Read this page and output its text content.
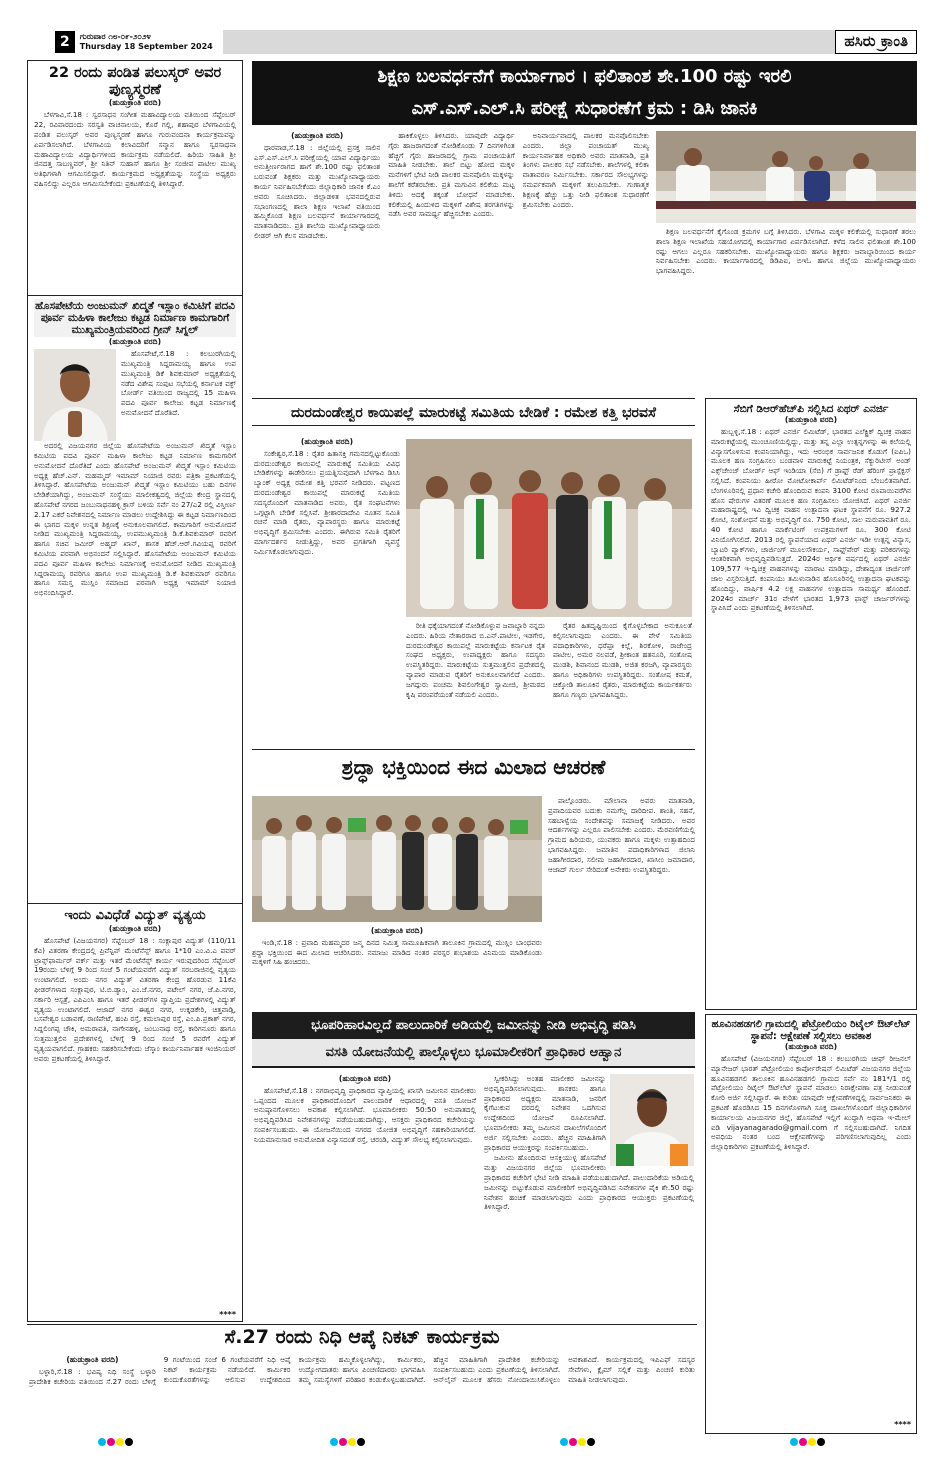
2	ಗುರುವಾರ ೧೮-೦೯-೨೦೨೪
Thursday 18 September 2024	ಹಸಿರು ಕ್ರಾಂತಿ
22 ರಂದು ಪಂಡಿತ ಪಲುಸ್ಕರ್ ಅವರ ಪುಣ್ಯಸ್ಮರಣೆ
(ಹುಡುಕ್ರಾಂತಿ ವರದಿ)

ಬೆಳಗಾವಿ,ಸೆ.18 : ಸ್ವರಸಾಧನ ಸಂಗೀತ ಮಹಾವಿದ್ಯಾಲಯ ವತಿಯಿಂದ ಸೆಪ್ಟೆಂಬರ್ 22, ರವಿವಾರದಂದು ಸರಸ್ವತಿ ವಾಚನಾಲಯ, ಕೊರೆ ಗಲ್ಲಿ, ಶಹಾಪುರ ಬೆಳಗಾವಿಯಲ್ಲಿ ಪಂಡಿತ ಪಲುಸ್ಕರ್ ಅವರ ಪುಣ್ಯಸ್ಮರಣೆ ಹಾಗೂ ಗುರುವಂದನಾ ಕಾರ್ಯಕ್ರಮವನ್ನು ಏರ್ಪಡಿಸಲಾಗಿದೆ. ಬೆಳಗಾವಿಯ ಕಲಾವಿದರಿಗೆ ಸನ್ಮಾನ ಹಾಗೂ ಸ್ವರಸಾಧನಾ ಮಹಾವಿದ್ಯಾಲಯ ವಿದ್ಯಾರ್ಥಿಗಳಿಂದ ಕಾರ್ಯಕ್ರಮ ನಡೆಯಲಿದೆ. ಹಿರಿಯ ಸಾಹಿತಿ ಶ್ರೀ ಜಿನದತ್ತ ಸಾಬಣ್ಣವರ್, ಶ್ರೀ ನಿತಿನ್ ಸುಹಾಸ್ ಹಾಗೂ ಶ್ರೀ ಸಂಜೀವ ಪಾಟೀಲ ಮುಖ್ಯ ಅತಿಥಿಗಳಾಗಿ ಆಗಮಿಸಲಿದ್ದಾರೆ. ಕಾರ್ಯಕ್ರಮದ ಅಧ್ಯಕ್ಷತೆಯನ್ನು ಸಂಸ್ಥೆಯ ಅಧ್ಯಕ್ಷರು ವಹಿಸಲಿದ್ದು ಎಲ್ಲರೂ ಆಗಮಿಸಬೇಕೆಂದು ಪ್ರಕಟಣೆಯಲ್ಲಿ ತಿಳಿಸಿದ್ದಾರೆ.

ಹೊಸಪೇಟೆಯ ಅಂಜುಮನ್ ಖಿದ್ಮತೆ ಇಸ್ಲಾಂ ಕಮಿಟಿಗೆ ಪದವಿ ಪೂರ್ವ ಮಹಿಳಾ ಕಾಲೇಜು ಕಟ್ಟಡ ನಿರ್ಮಾಣ ಕಾಮಗಾರಿಗೆ ಮುಖ್ಯಮಂತ್ರಿಯವರಿಂದ ಗ್ರೀನ್ ಸಿಗ್ನಲ್
(ಹುಡುಕ್ರಾಂತಿ ವರದಿ)

ಹೊಸಪೇಟೆ,ಸೆ.18 : ಕಲಬುರಗಿಯಲ್ಲಿ ಮುಖ್ಯಮಂತ್ರಿ ಸಿದ್ದರಾಮಯ್ಯ ಹಾಗೂ ಉಪ ಮುಖ್ಯಮಂತ್ರಿ ಡಿಕೆ ಶಿವಕುಮಾರ್ ಅಧ್ಯಕ್ಷತೆಯಲ್ಲಿ ನಡೆದ ವಿಶೇಷ ಸಂಪುಟ ಸಭೆಯಲ್ಲಿ ಕರ್ನಾಟಕ ವಕ್ಫ್ ಬೋರ್ಡ್ ವತಿಯಿಂದ ರಾಜ್ಯದಲ್ಲಿ 15 ಮಹಿಳಾ ಪದವಿ ಪೂರ್ವ ಕಾಲೇಜು ಕಟ್ಟಡ ನಿರ್ಮಾಣಕ್ಕೆ ಅನುಮೋದನೆ ದೊರೆತಿದೆ.

ಅದರಲ್ಲಿ ವಿಜಯನಗರ ಜಿಲ್ಲೆಯ ಹೊಸಪೇಟೆಯ ಅಂಜುಮನ್ ಖಿದ್ಮತೆ ಇಸ್ಲಾಂ ಕಮಿಟಿಯ ಪದವಿ ಪೂರ್ವ ಮಹಿಳಾ ಕಾಲೇಜು ಕಟ್ಟಡ ನಿರ್ಮಾಣ ಕಾಮಗಾರಿಗೆ ಅನುಮೋದನೆ ದೊರೆತಿದೆ ಎಂದು ಹೊಸಪೇಟೆ ಅಂಜುಮನ್ ಖಿದ್ಮತೆ ಇಸ್ಲಾಂ ಕಮಿಟಿಯ ಅಧ್ಯಕ್ಷ ಹೆಚ್.ಎನ್. ಮಹಮ್ಮದ್ ಇಮಾಮ್ ನಿಯಾಜಿ ರವರು ಪತ್ರಿಕಾ ಪ್ರಕಟಣೆಯಲ್ಲಿ ತಿಳಿಸಿದ್ದಾರೆ. ಹೊಸಪೇಟೆಯ ಅಂಜುಮನ್ ಖಿದ್ಮತೆ ಇಸ್ಲಾಂ ಕಮಿಟಿಯು ಬಹು ದಿನಗಳ ಬೇಡಿಕೆಯಾಗಿದ್ದು, ಅಂಜುಮನ್ ಸಂಸ್ಥೆಯು ಮಾಲೀಕತ್ವದಲ್ಲಿ ಜಿಲ್ಲೆಯ ಕೇಂದ್ರ ಸ್ಥಾನದಲ್ಲಿ ಹೊಸಪೇಟೆ ನಗರದ ಜಂಬುನಾಥನಹಳ್ಳಿ ಕ್ರಾಸ್ ಬಳಿಯ ಸರ್ವೆ ನಂ 27/ಎ2 ರಲ್ಲಿ ವಿಸ್ತೀರ್ಣ 2.17 ಎಕರೆ ನಿವೇಶನದಲ್ಲಿ ನಿರ್ಮಾಣ ಮಾಡಲು ಉದ್ದೇಶಿಸಿದ್ದು ಈ ಕಟ್ಟಡ ನಿರ್ಮಾಣದಿಂದ ಈ ಭಾಗದ ಮಕ್ಕಳ ಉನ್ನತ ಶಿಕ್ಷಣಕ್ಕೆ ಅನುಕೂಲವಾಗಲಿದೆ. ಕಾಮಗಾರಿಗೆ ಅನುಮೋದನೆ ನೀಡಿದ ಮುಖ್ಯಮಂತ್ರಿ ಸಿದ್ದರಾಮಯ್ಯ, ಉಪಮುಖ್ಯಮಂತ್ರಿ ಡಿ.ಕೆ.ಶಿವಕುಮಾರ್ ರವರಿಗೆ ಹಾಗೂ ಸಚಿವ ಜಮೀರ್ ಅಹ್ಮದ್ ಖಾನ್, ಶಾಸಕ ಹೆಚ್.ಆರ್.ಗವಿಯಪ್ಪ ರವರಿಗೆ ಕಮಿಟಿಯ ಪರವಾಗಿ ಅಭಿನಂದನೆ ಸಲ್ಲಿಸಿದ್ದಾರೆ. ಹೊಸಪೇಟೆಯ ಅಂಜುಮನ್ ಕಮಿಟಿಯ ಪದವಿ ಪೂರ್ವ ಮಹಿಳಾ ಕಾಲೇಜು ನಿರ್ಮಾಣಕ್ಕೆ ಅನುಮೋದನೆ ನೀಡಿದ ಮುಖ್ಯಮಂತ್ರಿ ಸಿದ್ದರಾಮಯ್ಯ ರವರಿಗೂ ಹಾಗೂ ಉಪ ಮುಖ್ಯಮಂತ್ರಿ ಡಿ.ಕೆ ಶಿವಕುಮಾರ್ ರವರಿಗೂ ಹಾಗೂ ಸಮಸ್ತ ಮುಸ್ಲಿಂ ಸಮಾಜದ ಪರವಾಗಿ ಅಧ್ಯಕ್ಷ ಇಮಾಮ್ ನಿಯಾಜಿ ಅಭಿನಂದಿಸಿದ್ದಾರೆ.

ಇಂದು ವಿವಿಧೆಡೆ ವಿದ್ಯುತ್ ವ್ಯತ್ಯಯ
(ಹುಡುಕ್ರಾಂತಿ ವರದಿ)

ಹೊಸಪೇಟೆ (ವಿಜಯನಗರ) ಸೆಪ್ಟೆಂಬರ್ 18 : ಸಂಕ್ಲಾಪುರ ವಿದ್ಯುತ್ (110/11 ಕೆವಿ) ವಿತರಣಾ ಕೇಂದ್ರದಲ್ಲಿ ಪ್ರಿವೆನ್ಟಿವ್ ಮೆಂಟೆನೆನ್ಸ್ ಹಾಗೂ 1*10 ಎಂ.ವಿ.ಎ ಪವರ್ ಟ್ರಾನ್ಸ್‌ಫಾರ್ಮರ್ ವರ್ಕ್ ಮತ್ತು ಇತರೆ ಮೆಂಟೆನೆನ್ಸ್ ಕಾರ್ಯ ಇರುವುದರಿಂದ ಸೆಪ್ಟೆಂಬರ್ 19ರಂದು ಬೆಳಿಗ್ಗೆ 9 ರಿಂದ ಸಂಜೆ 5 ಗಂಟೆಯವರೆಗೆ ವಿದ್ಯುತ್ ಸರಬರಾಜಿನಲ್ಲಿ ವ್ಯತ್ಯಯ ಉಂಟಾಗಲಿದೆ. ಅಂದು ನಗರ ವಿದ್ಯುತ್ ವಿತರಣಾ ಕೇಂದ್ರ ಹೊರಡುವ 11ಕೆವಿ ಫೀಡರ್‌ಗಳಾದ ಸಂಕ್ಲಾಪುರ, ಟಿ.ಬಿ.ಡ್ಯಾಂ, ಎಂ.ಜೆ.ನಗರ, ಪಟೇಲ್ ನಗರ, ಜೆ.ಪಿ.ನಗರ, ಸರ್ಕಾರಿ ಆಸ್ಪತ್ರೆ, ಎಪಿಎಂಸಿ ಹಾಗೂ ಇತರೆ ಫೀಡರ್‌ಗಳ ವ್ಯಾಪ್ತಿಯ ಪ್ರದೇಶಗಳಲ್ಲಿ ವಿದ್ಯುತ್ ವ್ಯತ್ಯಯ ಉಂಟಾಗಲಿದೆ. ಆಜಾದ್ ನಗರ ಈಶ್ವರ ನಗರ, ಉಕ್ಕಡಕೇರಿ, ಚಿತ್ತವಾಡ್ಗಿ, ಬಸವೇಶ್ವರ ಬಡಾವಣೆ, ರಾಣಿಪೇಟೆ, ಹಂಪಿ ರಸ್ತೆ, ಕಮಲಾಪುರ ರಸ್ತೆ, ಎಂ.ಪಿ.ಪ್ರಕಾಶ್ ನಗರ, ಸಿದ್ದಲಿಂಗಪ್ಪ ಚೌಕಿ, ಅಮರಾವತಿ, ನಾಗೇನಹಳ್ಳಿ, ಜಂಬುನಾಥ ರಸ್ತೆ, ಕಾರಿಗನೂರು ಹಾಗೂ ಸುತ್ತಮುತ್ತಲಿನ ಪ್ರದೇಶಗಳಲ್ಲಿ ಬೆಳಿಗ್ಗೆ 9 ರಿಂದ ಸಂಜೆ 5 ರವರೆಗೆ ವಿದ್ಯುತ್ ವ್ಯತ್ಯಯವಾಗಲಿದೆ. ಗ್ರಾಹಕರು ಸಹಕರಿಸಬೇಕೆಂದು ಜೆಸ್ಕಾಂ ಕಾರ್ಯನಿರ್ವಾಹಕ ಇಂಜಿನಿಯರ್ ಅವರು ಪ್ರಕಟಣೆಯಲ್ಲಿ ತಿಳಿಸಿದ್ದಾರೆ.

****
ಶಿಕ್ಷಣ ಬಲವರ್ಧನೆಗೆ ಕಾರ್ಯಾಗಾರ । ಫಲಿತಾಂಶ ಶೇ.100 ರಷ್ಟು ಇರಲಿ
ಎಸ್.ಎಸ್.ಎಲ್.ಸಿ ಪರೀಕ್ಷೆ ಸುಧಾರಣೆಗೆ ಕ್ರಮ : ಡಿಸಿ ಜಾನಕಿ
(ಹುಡುಕ್ರಾಂತಿ ವರದಿ)

ಧಾರವಾಡ,ಸೆ.18 : ಜಿಲ್ಲೆಯಲ್ಲಿ ಪ್ರಸಕ್ತ ಸಾಲಿನ ಎಸ್.ಎಸ್.ಎಲ್.ಸಿ ಪರೀಕ್ಷೆಯಲ್ಲಿ ಯಾವ ವಿದ್ಯಾರ್ಥಿಯು ಅನುತ್ತೀರ್ಣರಾಗದ ಹಾಗೆ ಶೇ.100 ರಷ್ಟು ಫಲಿತಾಂಶ ಬರುವಂತೆ ಶಿಕ್ಷಕರು ಮತ್ತು ಮುಖ್ಯೋಪಾಧ್ಯಾಯರು ಕಾರ್ಯ ನಿರ್ವಹಿಸಬೇಕೆಂದು ಜಿಲ್ಲಾಧಿಕಾರಿ ಜಾನಕಿ ಕೆ.ಎಂ ಅವರು ಸೂಚಿಸಿದರು. ಜಿಲ್ಲಾಡಳಿತ ಭವನದಲ್ಲಿರುವ ಸಭಾಂಗಣದಲ್ಲಿ ಶಾಲಾ ಶಿಕ್ಷಣ ಇಲಾಖೆ ವತಿಯಿಂದ ಹಮ್ಮಿಕೊಂಡ ಶಿಕ್ಷಣ ಬಲವರ್ಧನೆ ಕಾರ್ಯಾಗಾರದಲ್ಲಿ ಮಾತನಾಡಿದರು. ಪ್ರತಿ ಶಾಲೆಯ ಮುಖ್ಯೋಪಾಧ್ಯಾಯರು ಲೀಡರ್ ಆಗಿ ಕೆಲಸ ಮಾಡಬೇಕು.

ಹಾಕಿಕೊಳ್ಳಲು ತಿಳಿಸಿದರು. ಯಾವುದೇ ವಿದ್ಯಾರ್ಥಿ ಗೈರು ಹಾಜರಾಗದಂತೆ ನೋಡಿಕೊಂಡು 7 ದಿನಗಳಿಗಿಂತ ಹೆಚ್ಚಿಗೆ ಗೈರು ಹಾಜರಾದಲ್ಲಿ ಗ್ರಾಮ ಪಂಚಾಯತಿಗೆ ಮಾಹಿತಿ ನೀಡಬೇಕು. ಶಾಲೆ ಬಿಟ್ಟು ಹೋದ ಮಕ್ಕಳ ಮನೆಗಳಿಗೆ ಭೇಟಿ ನೀಡಿ ಪಾಲಕರ ಮನವೊಲಿಸಿ ಮಕ್ಕಳನ್ನು ಶಾಲೆಗೆ ಕರೆತರಬೇಕು. ಪ್ರತಿ ಮಗುವಿನ ಕಲಿಕೆಯ ಮಟ್ಟ ತಿಳಿದು ಅದಕ್ಕೆ ತಕ್ಕಂತೆ ಬೋಧನೆ ಮಾಡಬೇಕು. ಕಲಿಕೆಯಲ್ಲಿ ಹಿಂದುಳಿದ ಮಕ್ಕಳಿಗೆ ವಿಶೇಷ ತರಗತಿಗಳನ್ನು ನಡೆಸಿ ಅವರ ಸಾಮರ್ಥ್ಯ ಹೆಚ್ಚಿಸಬೇಕು ಎಂದರು.

ಅನಿವಾರ್ಯವಾದಲ್ಲಿ ಪಾಲಕರ ಮನವೊಲಿಸಬೇಕು ಎಂದರು. ಜಿಲ್ಲಾ ಪಂಚಾಯತ್ ಮುಖ್ಯ ಕಾರ್ಯನಿರ್ವಾಹಕ ಅಧಿಕಾರಿ ಅವರು ಮಾತನಾಡಿ, ಪ್ರತಿ ತಿಂಗಳು ಪಾಲಕರ ಸಭೆ ನಡೆಸಬೇಕು. ಶಾಲೆಗಳಲ್ಲಿ ಕಲಿಕಾ ವಾತಾವರಣ ನಿರ್ಮಿಸಬೇಕು. ಸರ್ಕಾರದ ಸೌಲಭ್ಯಗಳನ್ನು ಸಮರ್ಪಕವಾಗಿ ಮಕ್ಕಳಿಗೆ ತಲುಪಿಸಬೇಕು. ಗುಣಾತ್ಮಕ ಶಿಕ್ಷಣಕ್ಕೆ ಹೆಚ್ಚು ಒತ್ತು ನೀಡಿ ಫಲಿತಾಂಶ ಸುಧಾರಣೆಗೆ ಶ್ರಮಿಸಬೇಕು ಎಂದರು.

ಶಿಕ್ಷಣ ಬಲವರ್ಧನೆಗೆ ಕೈಗೊಂಡ ಕ್ರಮಗಳ ಬಗ್ಗೆ ತಿಳಿಸಿದರು. ಬೆಳಗಾವಿ ಮಕ್ಕಳ ಕಲಿಕೆಯಲ್ಲಿ ಸುಧಾರಣೆ ತರಲು ಶಾಲಾ ಶಿಕ್ಷಣ ಇಲಾಖೆಯ ಸಹಯೋಗದಲ್ಲಿ ಕಾರ್ಯಾಗಾರ ಏರ್ಪಡಿಸಲಾಗಿದೆ. ಕಳೆದ ಸಾಲಿನ ಫಲಿತಾಂಶ ಶೇ.100 ರಷ್ಟು ಆಗಲು ಎಲ್ಲರೂ ಸಹಕರಿಸಬೇಕು. ಮುಖ್ಯೋಪಾಧ್ಯಾಯರು ಹಾಗೂ ಶಿಕ್ಷಕರು ಜವಾಬ್ದಾರಿಯಿಂದ ಕಾರ್ಯ ನಿರ್ವಹಿಸಬೇಕು ಎಂದರು. ಕಾರ್ಯಾಗಾರದಲ್ಲಿ ಡಿಡಿಪಿಐ, ಬಿಇಓ ಹಾಗೂ ಜಿಲ್ಲೆಯ ಮುಖ್ಯೋಪಾಧ್ಯಾಯರು ಭಾಗವಹಿಸಿದ್ದರು.

ದುರದುಂಡೇಶ್ವರ ಕಾಯಿಪಲ್ಲೆ ಮಾರುಕಟ್ಟೆ ಸಮಿತಿಯ ಬೇಡಿಕೆ : ರಮೇಶ ಕತ್ತಿ ಭರವಸೆ
(ಹುಡುಕ್ರಾಂತಿ ವರದಿ)

ಸಂಕೇಶ್ವರ,ಸೆ.18 : ರೈತರ ಹಿತಾಸಕ್ತಿ ಗಮನದಲ್ಲಿಟ್ಟುಕೊಂಡು ದುರದುಂಡೇಶ್ವರ ಕಾಯಿಪಲ್ಲೆ ಮಾರುಕಟ್ಟೆ ಸಮಿತಿಯ ವಿವಿಧ ಬೇಡಿಕೆಗಳನ್ನು ಈಡೇರಿಸಲು ಪ್ರಯತ್ನಿಸುವುದಾಗಿ ಬೆಳಗಾವಿ ಡಿಸಿಸಿ ಬ್ಯಾಂಕ್ ಅಧ್ಯಕ್ಷ ರಮೇಶ ಕತ್ತಿ ಭರವಸೆ ನೀಡಿದರು. ಪಟ್ಟಣದ ದುರದುಂಡೇಶ್ವರ ಕಾಯಿಪಲ್ಲೆ ಮಾರುಕಟ್ಟೆ ಸಮಿತಿಯ ಸದಸ್ಯರೊಂದಿಗೆ ಮಾತನಾಡಿದ ಅವರು, ರೈತ ಸಂಘಟನೆಗಳು ಒಗ್ಗಟ್ಟಾಗಿ ಬೇಡಿಕೆ ಸಲ್ಲಿಸಿವೆ. ಶ್ರೀಶಾರದಾದೇವಿ ನೂತನ ಸಮಿತಿ ರಚನೆ ಮಾಡಿ ರೈತರು, ವ್ಯಾಪಾರಸ್ಥರು ಹಾಗೂ ಮಾರುಕಟ್ಟೆ ಅಭಿವೃದ್ಧಿಗೆ ಶ್ರಮಿಸಬೇಕು ಎಂದರು. ಈಗಿರುವ ಸಮಿತಿ ರೈತರಿಗೆ ಮಾರ್ಗದರ್ಶನ ನೀಡುತ್ತಿದ್ದು, ಅವರ ಪ್ರಗತಿಗಾಗಿ ವ್ಯವಸ್ಥೆ ನಿರ್ಮಿಸಿಕೊಡಲಾಗುವುದು.

ರೀತಿ ಧಕ್ಕೆಯಾಗದಂತೆ ನೋಡಿಕೊಳ್ಳುವ ಜವಾಬ್ದಾರಿ ನನ್ನದು ಎಂದರು. ಹಿರಿಯ ನೇತಾರರಾದ ಬಿ.ಎನ್.ಪಾಟೀಲ, ಇಡಗೇರ, ದುರದುಂಡೇಶ್ವರ ಕಾಯಿಪಲ್ಲೆ ಮಾರುಕಟ್ಟೆಯ ಕರ್ನಾಟಕ ರೈತ ಸಂಘದ ಅಧ್ಯಕ್ಷರು, ಉಪಾಧ್ಯಕ್ಷರು ಹಾಗೂ ಸದಸ್ಯರು ಉಪಸ್ಥಿತರಿದ್ದರು. ಮಾರುಕಟ್ಟೆಯ ಸುತ್ತಮುತ್ತಲಿನ ಪ್ರದೇಶದಲ್ಲಿ ವ್ಯಾಪಾರ ಮಾಡುವ ರೈತರಿಗೆ ಅನುಕೂಲವಾಗಲಿದೆ ಎಂದರು. ಜಗದ್ಗುರು ಪಂಚಮ ಶಿವಲಿಂಗೇಶ್ವರ ಸ್ವಾಮೀಜಿ, ಶ್ರೀಮಠದ ಕೃಷಿ ಪರಂಪರೆಯಂತೆ ನಡೆಯಲಿ ಎಂದರು.

ರೈತರ ಹಿತದೃಷ್ಟಿಯಿಂದ ಕೈಗೊಳ್ಳಬೇಕಾದ ಅನುಕೂಲತೆ ಕಲ್ಪಿಸಲಾಗುವುದು ಎಂದರು. ಈ ವೇಳೆ ಸಮಿತಿಯ ಪದಾಧಿಕಾರಿಗಳು, ಧರೆಪ್ಪಾ ಕಿಲ್ಲೆ, ಶಿರಕೋಳಿ, ರಾಜೇಂದ್ರ ಪಾಟೀಲ, ಅಮರ ನಲವಡೆ, ಶ್ರೀಕಾಂತ ಹತನೂರಿ, ಸಂತೋಷ ಮುಡಶಿ, ಶಿವಾನಂದ ಮುಡಶಿ, ಅಜಿತ ಕರಜಗಿ, ವ್ಯಾಪಾರಸ್ಥರು ಹಾಗೂ ಅಧಿಕಾರಿಗಳು ಉಪಸ್ಥಿತರಿದ್ದರು. ಸಂತೋಷ ಕಮತೆ, ಚಿಕ್ಕೋಡಿ ತಾಲೂಕಿನ ರೈತರು, ಮಾರುಕಟ್ಟೆಯ ಕಾರ್ಯಕರ್ತರು ಹಾಗೂ ಗಣ್ಯರು ಭಾಗವಹಿಸಿದ್ದರು.

ಶ್ರದ್ಧಾ ಭಕ್ತಿಯಿಂದ ಈದ ಮಿಲಾದ ಆಚರಣೆ
(ಹುಡುಕ್ರಾಂತಿ ವರದಿ)

ಇಂಡಿ,ಸೆ.18 : ಪ್ರವಾದಿ ಮಹಮ್ಮದರ ಜನ್ಮ ದಿನದ ನಿಮಿತ್ತ ಸಾಮೂಹಿಕವಾಗಿ ತಾಲೂಕಿನ ಗ್ರಾಮದಲ್ಲಿ ಮುಸ್ಲಿಂ ಬಾಂಧವರು ಶ್ರದ್ಧಾ ಭಕ್ತಿಯಿಂದ ಈದ ಮಿಲಾದ ಆಚರಿಸಿದರು. ನಮಾಜು ಮಾಡಿದ ನಂತರ ಪರಸ್ಪರ ಶುಭಾಶಯ ವಿನಿಮಯ ಮಾಡಿಕೊಂಡು ಮಕ್ಕಳಿಗೆ ಸಿಹಿ ಹಂಚಿದರು.

ಪಾಲ್ಗೊಂಡರು. ಮೌಲಾನಾ ಅವರು ಮಾತನಾಡಿ, ಪ್ರವಾದಿಯವರ ಬದುಕು ನಮಗೆಲ್ಲ ದಾರಿದೀಪ. ಶಾಂತಿ, ಸಹನೆ, ಸಹಬಾಳ್ವೆಯ ಸಂದೇಶವನ್ನು ಸಮಾಜಕ್ಕೆ ನೀಡಿದರು. ಅವರ ಆದರ್ಶಗಳನ್ನು ಎಲ್ಲರೂ ಪಾಲಿಸಬೇಕು ಎಂದರು. ಮೆರವಣಿಗೆಯಲ್ಲಿ ಗ್ರಾಮದ ಹಿರಿಯರು, ಯುವಕರು ಹಾಗೂ ಮಕ್ಕಳು ಉತ್ಸಾಹದಿಂದ ಭಾಗವಹಿಸಿದ್ದರು. ಜಮಾತಿನ ಪದಾಧಿಕಾರಿಗಳಾದ ಜಿಲಾನಿ ಜಹಾಗೀರದಾರ, ಸಲೀಮ ಜಹಾಗೀರದಾರ, ಖಾಸೀಂ ಜಮಾದಾರ, ಆಜಾದ್ ಗುರ್ಲ ಸೇರಿದಂತೆ ಅನೇಕರು ಉಪಸ್ಥಿತರಿದ್ದರು.

ಭೂಪರಿಹಾರವಿಲ್ಲದೆ ಪಾಲುದಾರಿಕೆ ಅಡಿಯಲ್ಲಿ ಜಮೀನನ್ನು ನೀಡಿ ಅಭಿವೃದ್ಧಿ ಪಡಿಸಿ
ವಸತಿ ಯೋಜನೆಯಲ್ಲಿ ಪಾಲ್ಗೊಳ್ಳಲು ಭೂಮಾಲೀಕರಿಗೆ ಪ್ರಾಧಿಕಾರ ಆಹ್ವಾನ
(ಹುಡುಕ್ರಾಂತಿ ವರದಿ)

ಹೊಸಪೇಟೆ,ಸೆ.18 : ನಗರಾಭಿವೃದ್ಧಿ ಪ್ರಾಧಿಕಾರದ ವ್ಯಾಪ್ತಿಯಲ್ಲಿ ಖಾಸಗಿ ಜಮೀನಿನ ಮಾಲೀಕರು ಒಪ್ಪಂದದ ಮೂಲಕ ಪ್ರಾಧಿಕಾರದೊಂದಿಗೆ ಪಾಲುದಾರಿಕೆ ಆಧಾರದಲ್ಲಿ ವಸತಿ ಯೋಜನೆ ಅನುಷ್ಠಾನಗೊಳಿಸಲು ಅವಕಾಶ ಕಲ್ಪಿಸಲಾಗಿದೆ. ಭೂಮಾಲೀಕರು 50:50 ಅನುಪಾತದಲ್ಲಿ ಅಭಿವೃದ್ಧಿಪಡಿಸಿದ ನಿವೇಶನಗಳನ್ನು ಪಡೆಯಬಹುದಾಗಿದ್ದು, ಆಸಕ್ತರು ಪ್ರಾಧಿಕಾರದ ಕಚೇರಿಯನ್ನು ಸಂಪರ್ಕಿಸಬಹುದು. ಈ ಯೋಜನೆಯಿಂದ ನಗರದ ಯೋಜಿತ ಅಭಿವೃದ್ಧಿಗೆ ಸಹಕಾರಿಯಾಗಲಿದೆ. ನಿಯಮಾನುಸಾರ ಅನುಮೋದಿತ ವಿನ್ಯಾಸದಂತೆ ರಸ್ತೆ, ಚರಂಡಿ, ವಿದ್ಯುತ್ ಸೌಲಭ್ಯ ಕಲ್ಪಿಸಲಾಗುವುದು.

ಸ್ವೀಕರಿಸಿದ್ದು ಅಂತಹ ಮಾಲೀಕರ ಜಮೀನನ್ನು ಅಭಿವೃದ್ಧಿಪಡಿಸಲಾಗುವುದು. ಶಾಸಕರು ಹಾಗೂ ಪ್ರಾಧಿಕಾರದ ಅಧ್ಯಕ್ಷರು ಮಾತನಾಡಿ, ಜನರಿಗೆ ಕೈಗೆಟುಕುವ ದರದಲ್ಲಿ ನಿವೇಶನ ಒದಗಿಸುವ ಉದ್ದೇಶದಿಂದ ಯೋಜನೆ ರೂಪಿಸಲಾಗಿದೆ. ಭೂಮಾಲೀಕರು ತಮ್ಮ ಜಮೀನಿನ ದಾಖಲೆಗಳೊಂದಿಗೆ ಅರ್ಜಿ ಸಲ್ಲಿಸಬೇಕು ಎಂದರು. ಹೆಚ್ಚಿನ ಮಾಹಿತಿಗಾಗಿ ಪ್ರಾಧಿಕಾರದ ಆಯುಕ್ತರನ್ನು ಸಂಪರ್ಕಿಸಬಹುದು.

ಜಮೀನು ಹೊಂದಿರುವ ಆಸಕ್ತಿಯುಳ್ಳ ಹೊಸಪೇಟೆ ಮತ್ತು ವಿಜಯನಗರ ಜಿಲ್ಲೆಯ ಭೂಮಾಲೀಕರು ಪ್ರಾಧಿಕಾರದ ಕಚೇರಿಗೆ ಭೇಟಿ ನೀಡಿ ಮಾಹಿತಿ ಪಡೆಯಬಹುದಾಗಿದೆ. ಪಾಲುದಾರಿಕೆಯ ಅಡಿಯಲ್ಲಿ ಜಮೀನನ್ನು ಬಿಟ್ಟುಕೊಡುವ ಮಾಲೀಕರಿಗೆ ಅಭಿವೃದ್ಧಿಪಡಿಸಿದ ನಿವೇಶನಗಳ ಪೈಕಿ ಶೇ.50 ರಷ್ಟು ನಿವೇಶನ ಹಂಚಿಕೆ ಮಾಡಲಾಗುವುದು ಎಂದು ಪ್ರಾಧಿಕಾರದ ಆಯುಕ್ತರು ಪ್ರಕಟಣೆಯಲ್ಲಿ ತಿಳಿಸಿದ್ದಾರೆ.

ಸೆಬಿಗೆ ಡಿಆರ್‌ಹೆಚ್‌ಪಿ ಸಲ್ಲಿಸಿದ ಏಥರ್ ಎನರ್ಜಿ
(ಹುಡುಕ್ರಾಂತಿ ವರದಿ)

ಹುಬ್ಬಳ್ಳಿ,ಸೆ.18 : ಏಥರ್ ಎನರ್ಜಿ ಲಿಮಿಟೆಡ್, ಭಾರತದ ಎಲೆಕ್ಟ್ರಿಕ್ ದ್ವಿಚಕ್ರ ವಾಹನ ಮಾರುಕಟ್ಟೆಯಲ್ಲಿ ಮುಂಚೂಣಿಯಲ್ಲಿದ್ದು, ಮತ್ತು ತನ್ನ ಎಲ್ಲಾ ಉತ್ಪನ್ನಗಳನ್ನು ಈ ಕಲೆಯಲ್ಲಿ ವಿನ್ಯಾಸಗೊಳಿಸುವ ಕಂಪನಿಯಾಗಿದ್ದು, ಇದು ಆರಂಭಿಕ ಸಾರ್ವಜನಿಕ ಕೊಡುಗೆ (ಐಪಿಒ) ಮೂಲಕ ಹಣ ಸಂಗ್ರಹಿಸಲು ಬಂಡವಾಳ ಮಾರುಕಟ್ಟೆ ನಿಯಂತ್ರಕ, ಸೆಕ್ಯುರಿಟೀಸ್ ಅಂಡ್ ಎಕ್ಸ್‌ಚೇಂಜ್ ಬೋರ್ಡ್ ಆಫ್ ಇಂಡಿಯಾ (ಸೆಬಿ) ಗೆ ಡ್ರಾಫ್ಟ್ ರೆಡ್ ಹೆರಿಂಗ್ ಪ್ರಾಸ್ಪೆಕ್ಟಸ್ ಸಲ್ಲಿಸಿದೆ. ಕಂಪನಿಯು ಹೀರೋ ಮೋಟೋಕಾರ್ಪ್ ಲಿಮಿಟೆಡ್‌ನಿಂದ ಬೆಂಬಲಿತವಾಗಿದೆ. ಬೆಂಗಳೂರಿನಲ್ಲಿ ಪ್ರಧಾನ ಕಚೇರಿ ಹೊಂದಿರುವ ಕಂಪನಿ 3100 ಕೋಟಿ ರೂಪಾಯಿವರೆಗಿನ ಹೊಸ ಷೇರುಗಳ ವಿತರಣೆ ಮೂಲಕ ಹಣ ಸಂಗ್ರಹಿಸಲು ಯೋಜಿಸಿದೆ. ಏಥರ್ ಎನರ್ಜಿ ಮಹಾರಾಷ್ಟ್ರದಲ್ಲಿ ಇವಿ ದ್ವಿಚಕ್ರ ವಾಹನ ಉತ್ಪಾದನಾ ಘಟಕ ಸ್ಥಾಪನೆಗೆ ರೂ. 927.2 ಕೋಟಿ, ಸಂಶೋಧನೆ ಮತ್ತು ಅಭಿವೃದ್ಧಿಗೆ ರೂ. 750 ಕೋಟಿ, ಸಾಲ ಮರುಪಾವತಿಗೆ ರೂ. 40 ಕೋಟಿ ಹಾಗೂ ಮಾರ್ಕೆಟಿಂಗ್ ಉಪಕ್ರಮಗಳಿಗೆ ರೂ. 300 ಕೋಟಿ ವಿನಿಯೋಗಿಸಲಿದೆ. 2013 ರಲ್ಲಿ ಸ್ಥಾಪನೆಯಾದ ಏಥರ್ ಎನರ್ಜಿ ಇಡೀ ಉತ್ಪನ್ನ ವಿನ್ಯಾಸ, ಬ್ಯಾಟರಿ ಪ್ಯಾಕ್‌ಗಳು, ಚಾರ್ಜಿಂಗ್ ಮೂಲಸೌಕರ್ಯ, ಸಾಫ್ಟ್‌ವೇರ್ ಮತ್ತು ಪರಿಕರಗಳನ್ನು ಆಂತರಿಕವಾಗಿ ಅಭಿವೃದ್ಧಿಪಡಿಸುತ್ತದೆ. 2024ರ ಆರ್ಥಿಕ ವರ್ಷದಲ್ಲಿ ಏಥರ್ ಎನರ್ಜಿ 109,577 ಇ-ದ್ವಿಚಕ್ರ ವಾಹನಗಳನ್ನು ಮಾರಾಟ ಮಾಡಿದ್ದು, ದೇಶಾದ್ಯಂತ ಚಾರ್ಜಿಂಗ್ ಜಾಲ ವಿಸ್ತರಿಸುತ್ತಿದೆ. ಕಂಪನಿಯು ತಮಿಳುನಾಡಿನ ಹೊಸೂರಿನಲ್ಲಿ ಉತ್ಪಾದನಾ ಘಟಕವನ್ನು ಹೊಂದಿದ್ದು, ವಾರ್ಷಿಕ 4.2 ಲಕ್ಷ ವಾಹನಗಳ ಉತ್ಪಾದನಾ ಸಾಮರ್ಥ್ಯ ಹೊಂದಿದೆ. 2024ರ ಮಾರ್ಚ್ 31ರ ವೇಳೆಗೆ ಭಾರತದ 1,973 ಫಾಸ್ಟ್ ಚಾರ್ಜರ್‌ಗಳನ್ನು ಸ್ಥಾಪಿಸಿದೆ ಎಂದು ಪ್ರಕಟಣೆಯಲ್ಲಿ ತಿಳಿಸಲಾಗಿದೆ.

ಹೂವಿನಹಡಗಲಿ ಗ್ರಾಮದಲ್ಲಿ ಪೆಟ್ರೋಲಿಯಂ ರಿಟೈಲ್ ಔಟ್‌ಲೆಟ್ ಸ್ಥಾಪನೆ: ಆಕ್ಷೇಪಣೆ ಸಲ್ಲಿಸಲು ಅವಕಾಶ
(ಹುಡುಕ್ರಾಂತಿ ವರದಿ)

ಹೊಸಪೇಟೆ (ವಿಜಯನಗರ) ಸೆಪ್ಟೆಂಬರ್ 18 : ಕಲಬುರಗಿಯ ಚೀಫ್ ರೀಜನಲ್ ಮ್ಯಾನೇಜರ್ ಭಾರತ್ ಪೆಟ್ರೋಲಿಯಂ ಕಾರ್ಪೋರೇಷನ್ ಲಿಮಿಟೆಡ್ ವಿಜಯನಗರ ಜಿಲ್ಲೆಯ ಹೂವಿನಹಡಗಲಿ ತಾಲೂಕಿನ ಹೂವಿನಹಡಗಲಿ ಗ್ರಾಮದ ಸರ್ವೆ ನಂ 181*/1 ರಲ್ಲಿ ಪೆಟ್ರೋಲಿಯಂ ರಿಟೈಲ್ ಔಟ್‌ಲೆಟ್ ಸ್ಥಾಪನೆ ಮಾಡಲು ನಿರಾಕ್ಷೇಪಣಾ ಪತ್ರ ನೀಡುವಂತೆ ಕೋರಿ ಅರ್ಜಿ ಸಲ್ಲಿಸಿದ್ದಾರೆ. ಈ ಕುರಿತು ಯಾವುದೇ ಆಕ್ಷೇಪಣೆಗಳಿದ್ದಲ್ಲಿ ಸಾರ್ವಜನಿಕರು ಈ ಪ್ರಕಟಣೆ ಹೊರಡಿಸಿದ 15 ದಿನಗಳೊಳಗಾಗಿ ಸೂಕ್ತ ದಾಖಲೆಗಳೊಂದಿಗೆ ಜಿಲ್ಲಾಧಿಕಾರಿಗಳ ಕಾರ್ಯಾಲಯ ವಿಜಯನಗರ ಜಿಲ್ಲೆ, ಹೊಸಪೇಟೆ ಇಲ್ಲಿಗೆ ಖುದ್ದಾಗಿ ಅಥವಾ ಇ-ಮೇಲ್ ಐಡಿ vijayanagarado@gmail.com ಗೆ ಸಲ್ಲಿಸಬಹುದಾಗಿದೆ. ನಿಗದಿತ ಅವಧಿಯ ನಂತರ ಬಂದ ಆಕ್ಷೇಪಣೆಗಳನ್ನು ಪರಿಗಣಿಸಲಾಗುವುದಿಲ್ಲ ಎಂದು ಜಿಲ್ಲಾಧಿಕಾರಿಗಳು ಪ್ರಕಟಣೆಯಲ್ಲಿ ತಿಳಿಸಿದ್ದಾರೆ.

****
ಸೆ.27 ರಂದು ನಿಧಿ ಆಪ್ಕೆ ನಿಕಟ್ ಕಾರ್ಯಕ್ರಮ
(ಹುಡುಕ್ರಾಂತಿ ವರದಿ)

ಬಳ್ಳಾರಿ,ಸೆ.18 : ಭವಿಷ್ಯ ನಿಧಿ ಸಂಸ್ಥೆ ಬಳ್ಳಾರಿ ಪ್ರಾದೇಶಿಕ ಕಚೇರಿಯ ವತಿಯಿಂದ ಸೆ.27 ರಂದು ಬೆಳಿಗ್ಗೆ 9 ಗಂಟೆಯಿಂದ ಸಂಜೆ 6 ಗಂಟೆಯವರೆಗೆ ನಿಧಿ ಆಪ್ಕೆ ನಿಕಟ್ ಕಾರ್ಯಕ್ರಮ ನಡೆಯಲಿದೆ. ಕಾರ್ಮಿಕರ ಕುಂದುಕೊರತೆಗಳನ್ನು ಆಲಿಸುವ ಉದ್ದೇಶದಿಂದ ಕಾರ್ಯಕ್ರಮ ಹಮ್ಮಿಕೊಳ್ಳಲಾಗಿದ್ದು, ಕಾರ್ಮಿಕರು, ಉದ್ಯೋಗದಾತರು ಹಾಗೂ ಪಿಂಚಣಿದಾರರು ಭಾಗವಹಿಸಿ ತಮ್ಮ ಸಮಸ್ಯೆಗಳಿಗೆ ಪರಿಹಾರ ಕಂಡುಕೊಳ್ಳಬಹುದಾಗಿದೆ. ಹೆಚ್ಚಿನ ಮಾಹಿತಿಗಾಗಿ ಪ್ರಾದೇಶಿಕ ಕಚೇರಿಯನ್ನು ಸಂಪರ್ಕಿಸಬಹುದು ಎಂದು ಪ್ರಕಟಣೆಯಲ್ಲಿ ತಿಳಿಸಲಾಗಿದೆ. ಆನ್‌ಲೈನ್ ಮೂಲಕ ಹೆಸರು ನೋಂದಾಯಿಸಿಕೊಳ್ಳಲು ಅವಕಾಶವಿದೆ. ಕಾರ್ಯಕ್ರಮದಲ್ಲಿ ಇಪಿಎಫ್ ಸದಸ್ಯರ ಸೇವೆಗಳು, ಕ್ಲೈಮ್ ಸಲ್ಲಿಕೆ ಮತ್ತು ಪಿಂಚಣಿ ಕುರಿತು ಮಾಹಿತಿ ನೀಡಲಾಗುವುದು.
